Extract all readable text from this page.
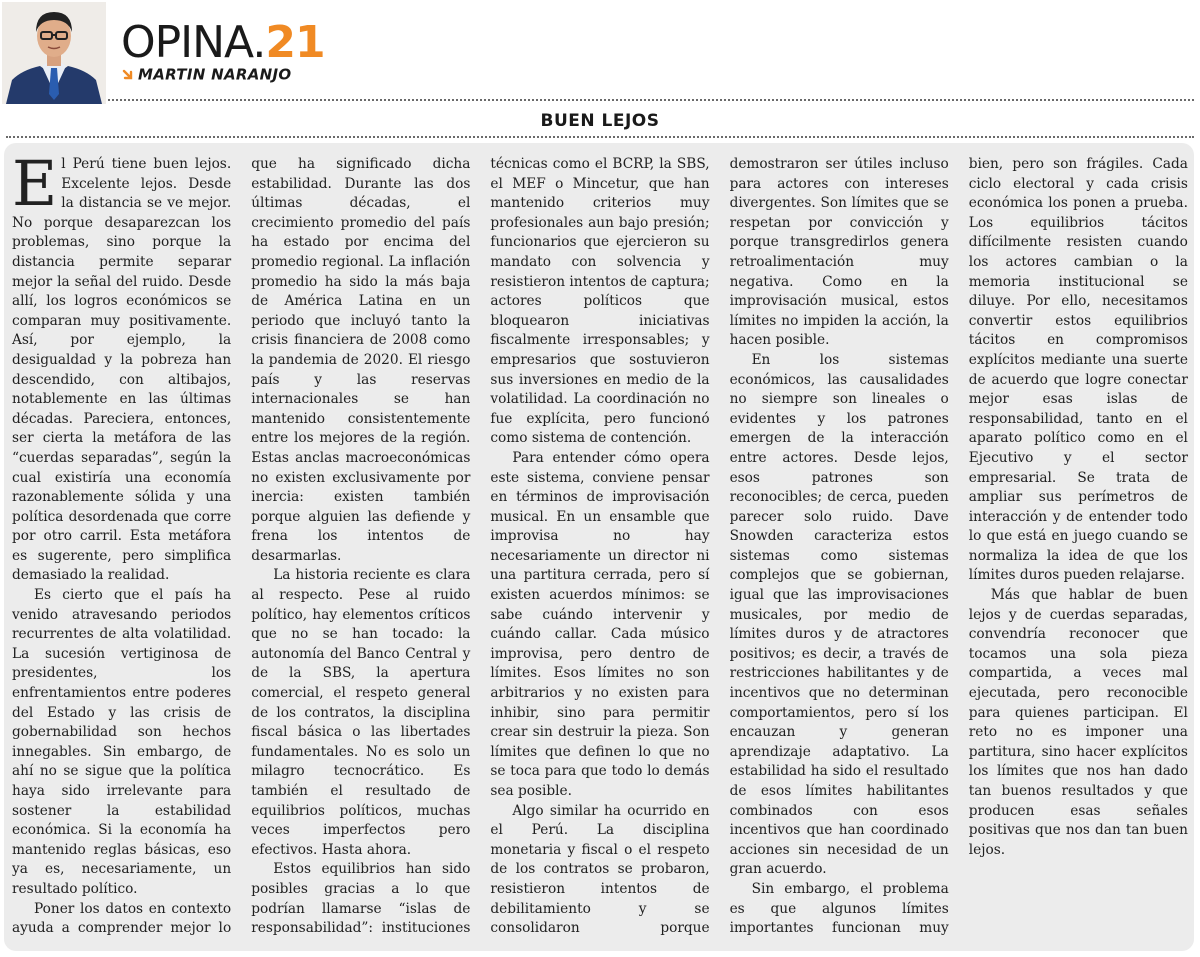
OPINA.21
MARTIN NARANJO
BUEN LEJOS

El Perú tiene buen lejos. Excelente lejos. Desde la distancia se ve mejor. No porque desaparezcan los problemas, sino porque la distancia permite separar mejor la señal del ruido. Desde allí, los logros económicos se comparan muy positivamente. Así, por ejemplo, la desigualdad y la pobreza han descendido, con altibajos, notablemente en las últimas décadas. Pareciera, entonces, ser cierta la metáfora de las “cuerdas separadas”, según la cual existiría una economía razonablemente sólida y una política desordenada que corre por otro carril. Esta metáfora es sugerente, pero simplifica demasiado la realidad.

Es cierto que el país ha venido atravesando periodos recurrentes de alta volatilidad. La sucesión vertiginosa de presidentes, los enfrentamientos entre poderes del Estado y las crisis de gobernabilidad son hechos innegables. Sin embargo, de ahí no se sigue que la política haya sido irrelevante para sostener la estabilidad económica. Si la economía ha mantenido reglas básicas, eso ya es, necesariamente, un resultado político.

Poner los datos en contexto ayuda a comprender mejor lo que ha significado dicha estabilidad. Durante las dos últimas décadas, el crecimiento promedio del país ha estado por encima del promedio regional. La inflación promedio ha sido la más baja de América Latina en un periodo que incluyó tanto la crisis financiera de 2008 como la pandemia de 2020. El riesgo país y las reservas internacionales se han mantenido consistentemente entre los mejores de la región. Estas anclas macroeconómicas no existen exclusivamente por inercia: existen también porque alguien las defiende y frena los intentos de desarmarlas.

La historia reciente es clara al respecto. Pese al ruido político, hay elementos críticos que no se han tocado: la autonomía del Banco Central y de la SBS, la apertura comercial, el respeto general de los contratos, la disciplina fiscal básica o las libertades fundamentales. No es solo un milagro tecnocrático. Es también el resultado de equilibrios políticos, muchas veces imperfectos pero efectivos. Hasta ahora.

Estos equilibrios han sido posibles gracias a lo que podrían llamarse “islas de responsabilidad”: instituciones técnicas como el BCRP, la SBS, el MEF o Mincetur, que han mantenido criterios muy profesionales aun bajo presión; funcionarios que ejercieron su mandato con solvencia y resistieron intentos de captura; actores políticos que bloquearon iniciativas fiscalmente irresponsables; y empresarios que sostuvieron sus inversiones en medio de la volatilidad. La coordinación no fue explícita, pero funcionó como sistema de contención.

Para entender cómo opera este sistema, conviene pensar en términos de improvisación musical. En un ensamble que improvisa no hay necesariamente un director ni una partitura cerrada, pero sí existen acuerdos mínimos: se sabe cuándo intervenir y cuándo callar. Cada músico improvisa, pero dentro de límites. Esos límites no son arbitrarios y no existen para inhibir, sino para permitir crear sin destruir la pieza. Son límites que definen lo que no se toca para que todo lo demás sea posible.

Algo similar ha ocurrido en el Perú. La disciplina monetaria y fiscal o el respeto de los contratos se probaron, resistieron intentos de debilitamiento y se consolidaron porque demostraron ser útiles incluso para actores con intereses divergentes. Son límites que se respetan por convicción y porque transgredirlos genera retroalimentación muy negativa. Como en la improvisación musical, estos límites no impiden la acción, la hacen posible.

En los sistemas económicos, las causalidades no siempre son lineales o evidentes y los patrones emergen de la interacción entre actores. Desde lejos, esos patrones son reconocibles; de cerca, pueden parecer solo ruido. Dave Snowden caracteriza estos sistemas como sistemas complejos que se gobiernan, igual que las improvisaciones musicales, por medio de límites duros y de atractores positivos; es decir, a través de restricciones habilitantes y de incentivos que no determinan comportamientos, pero sí los encauzan y generan aprendizaje adaptativo. La estabilidad ha sido el resultado de esos límites habilitantes combinados con esos incentivos que han coordinado acciones sin necesidad de un gran acuerdo.

Sin embargo, el problema es que algunos límites importantes funcionan muy bien, pero son frágiles. Cada ciclo electoral y cada crisis económica los ponen a prueba. Los equilibrios tácitos difícilmente resisten cuando los actores cambian o la memoria institucional se diluye. Por ello, necesitamos convertir estos equilibrios tácitos en compromisos explícitos mediante una suerte de acuerdo que logre conectar mejor esas islas de responsabilidad, tanto en el aparato político como en el Ejecutivo y el sector empresarial. Se trata de ampliar sus perímetros de interacción y de entender todo lo que está en juego cuando se normaliza la idea de que los límites duros pueden relajarse.

Más que hablar de buen lejos y de cuerdas separadas, convendría reconocer que tocamos una sola pieza compartida, a veces mal ejecutada, pero reconocible para quienes participan. El reto no es imponer una partitura, sino hacer explícitos los límites que nos han dado tan buenos resultados y que producen esas señales positivas que nos dan tan buen lejos.
